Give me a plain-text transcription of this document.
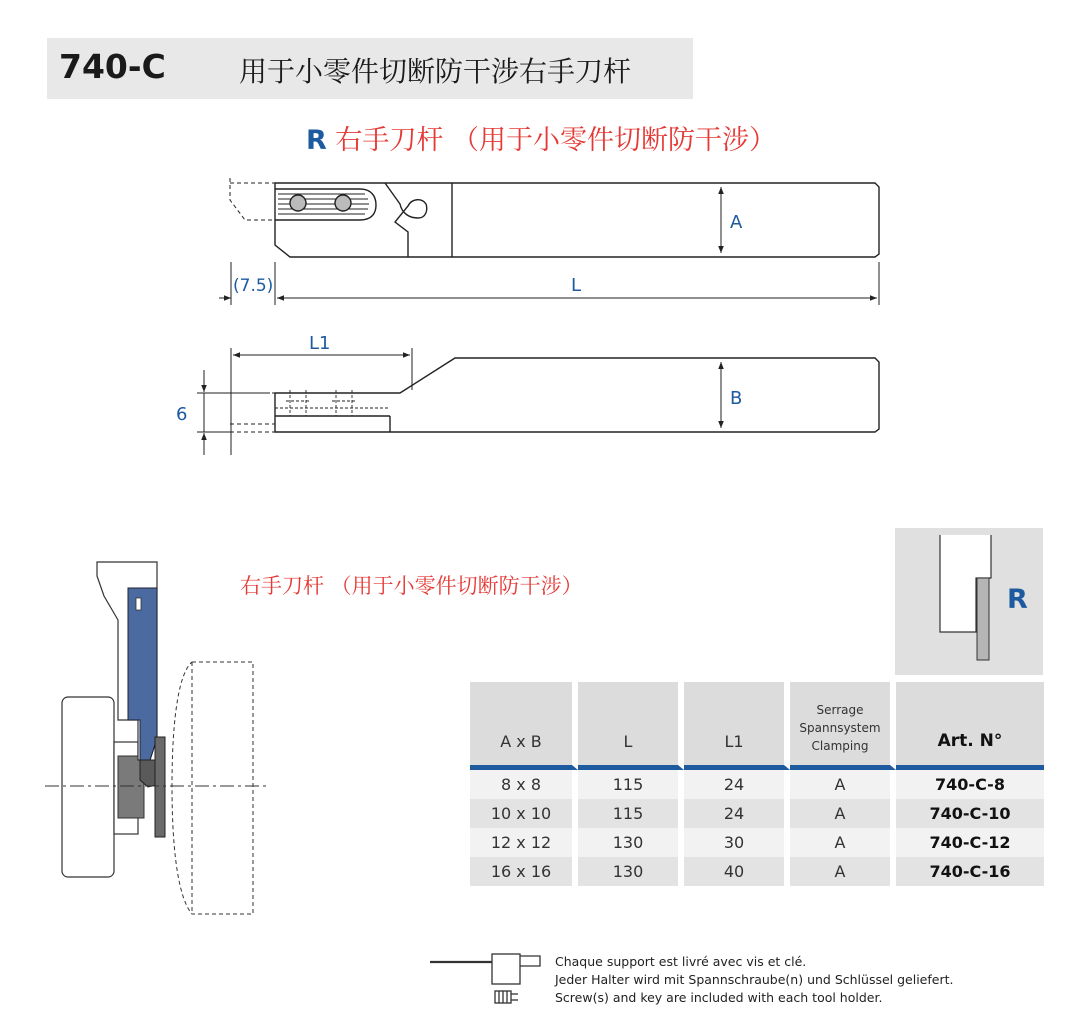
740-C	用于小零件切断防干涉右手刀杆
R 右手刀杆 （用于小零件切断防干涉）
A
L
(7.5)
L1
B
6
右手刀杆 （用于小零件切断防干涉）	R
A x B	L	L1	Serrage
Spannsystem
Clamping	Art. N°
8 x 8	115	24	A	740-C-8
10 x 10	115	24	A	740-C-10
12 x 12	130	30	A	740-C-12
16 x 16	130	40	A	740-C-16
Chaque support est livré avec vis et clé.
Jeder Halter wird mit Spannschraube(n) und Schlüssel geliefert.
Screw(s) and key are included with each tool holder.
